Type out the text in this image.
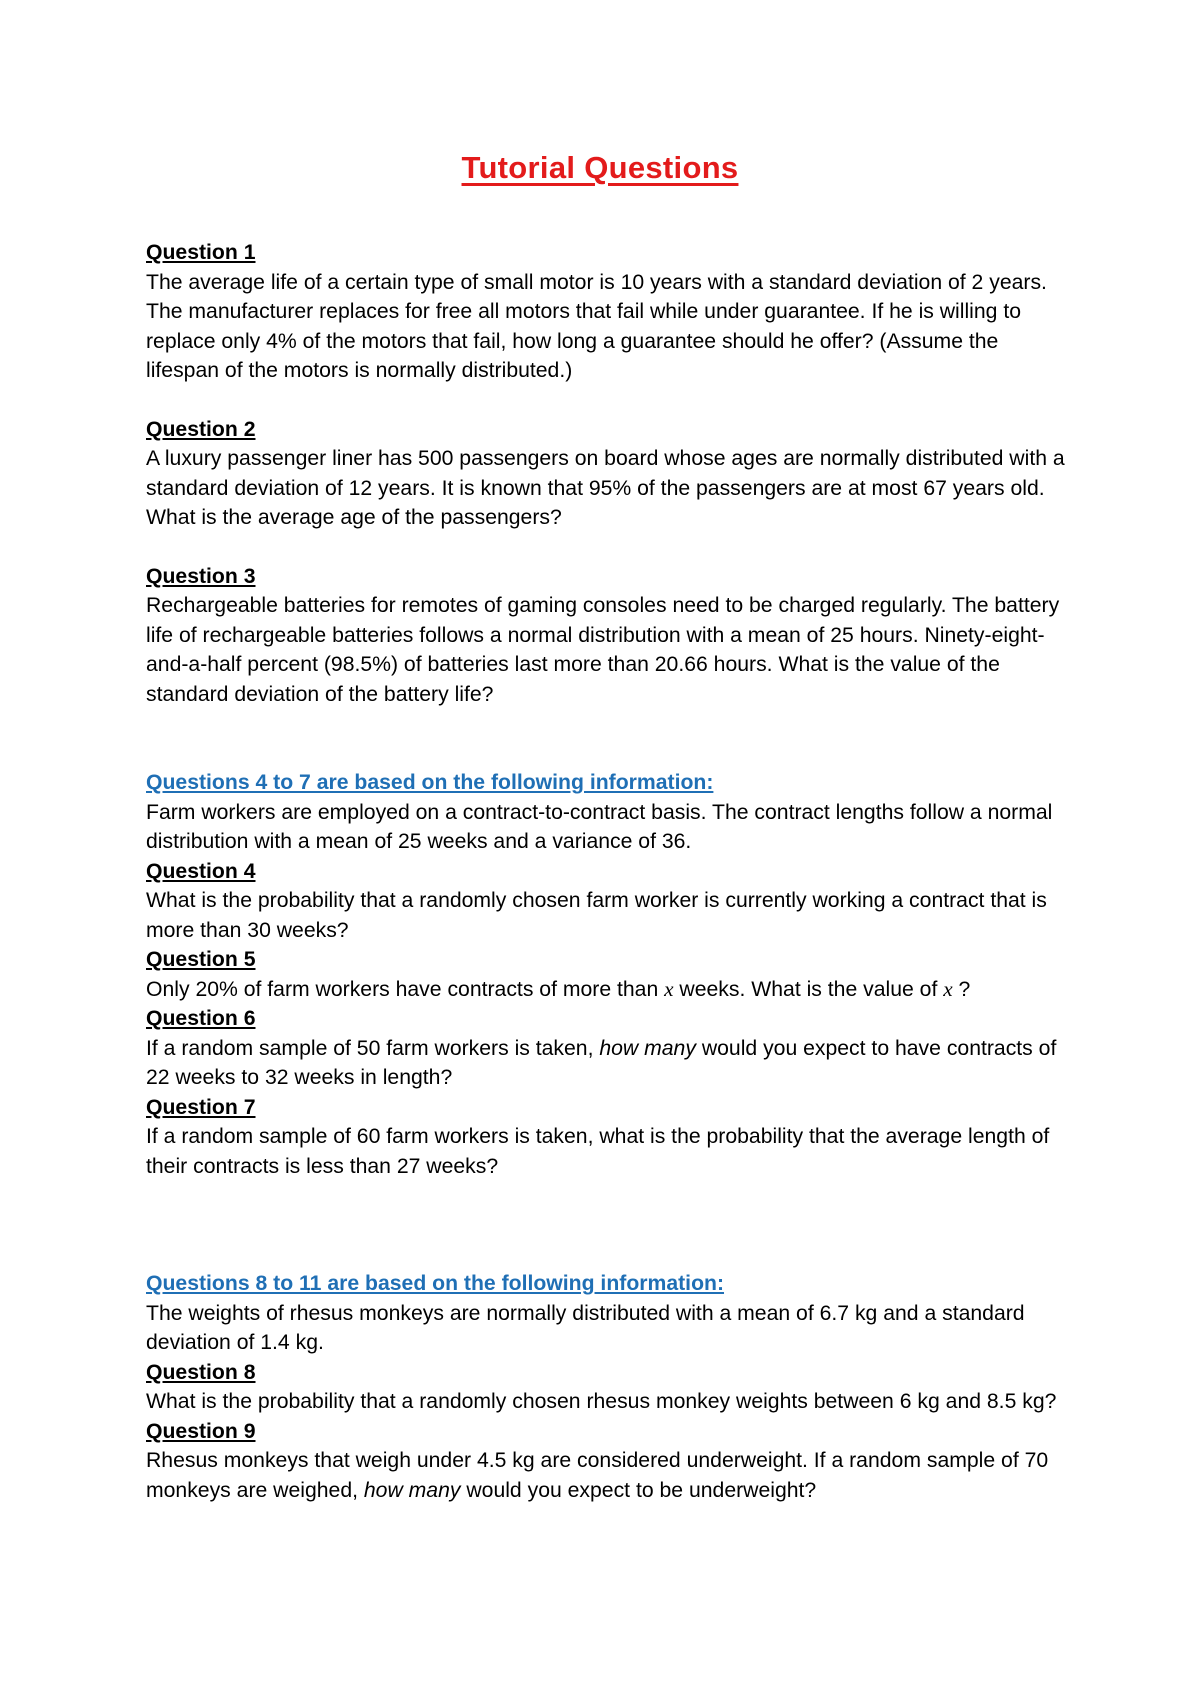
Tutorial Questions

Question 1

The average life of a certain type of small motor is 10 years with a standard deviation of 2 years. The manufacturer replaces for free all motors that fail while under guarantee. If he is willing to replace only 4% of the motors that fail, how long a guarantee should he offer? (Assume the lifespan of the motors is normally distributed.)

Question 2

A luxury passenger liner has 500 passengers on board whose ages are normally distributed with a standard deviation of 12 years. It is known that 95% of the passengers are at most 67 years old. What is the average age of the passengers?

Question 3

Rechargeable batteries for remotes of gaming consoles need to be charged regularly. The battery life of rechargeable batteries follows a normal distribution with a mean of 25 hours. Ninety-eight-and-a-half percent (98.5%) of batteries last more than 20.66 hours. What is the value of the standard deviation of the battery life?

Questions 4 to 7 are based on the following information:

Farm workers are employed on a contract-to-contract basis. The contract lengths follow a normal distribution with a mean of 25 weeks and a variance of 36.

Question 4

What is the probability that a randomly chosen farm worker is currently working a contract that is more than 30 weeks?

Question 5

Only 20% of farm workers have contracts of more than x weeks. What is the value of x ?

Question 6

If a random sample of 50 farm workers is taken, how many would you expect to have contracts of 22 weeks to 32 weeks in length?

Question 7

If a random sample of 60 farm workers is taken, what is the probability that the average length of their contracts is less than 27 weeks?

Questions 8 to 11 are based on the following information:

The weights of rhesus monkeys are normally distributed with a mean of 6.7 kg and a standard deviation of 1.4 kg.

Question 8

What is the probability that a randomly chosen rhesus monkey weights between 6 kg and 8.5 kg?

Question 9

Rhesus monkeys that weigh under 4.5 kg are considered underweight. If a random sample of 70 monkeys are weighed, how many would you expect to be underweight?
